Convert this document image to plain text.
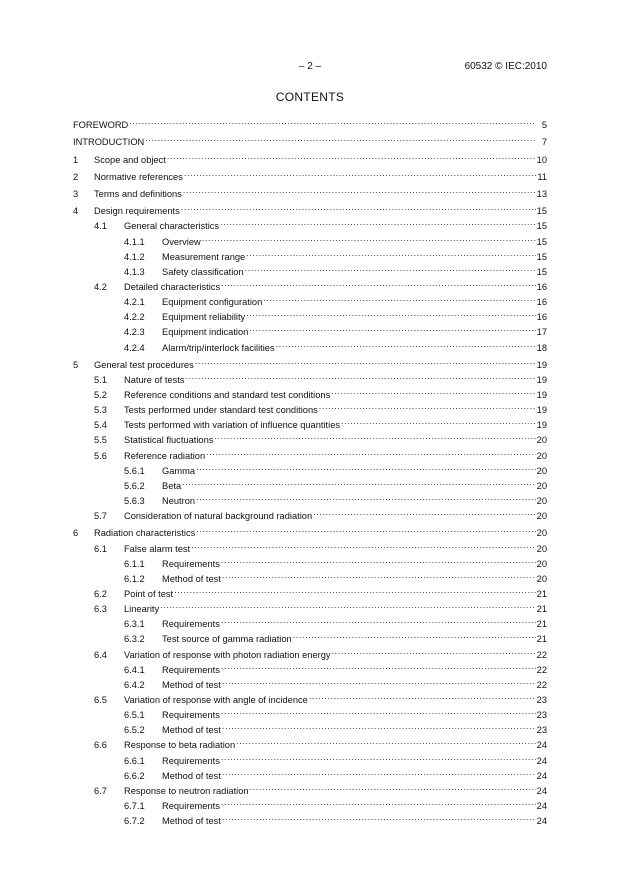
– 2 –	60532 © IEC:2010
CONTENTS
FOREWORD .....	5
INTRODUCTION .....	7
1	Scope and object .....	10
2	Normative references .....	11
3	Terms and definitions .....	13
4	Design requirements .....	15
4.1	General characteristics .....	15
4.1.1	Overview .....	15
4.1.2	Measurement range .....	15
4.1.3	Safety classification .....	15
4.2	Detailed characteristics .....	16
4.2.1	Equipment configuration .....	16
4.2.2	Equipment reliability .....	16
4.2.3	Equipment indication .....	17
4.2.4	Alarm/trip/interlock facilities .....	18
5	General test procedures .....	19
5.1	Nature of tests .....	19
5.2	Reference conditions and standard test conditions .....	19
5.3	Tests performed under standard test conditions .....	19
5.4	Tests performed with variation of influence quantities .....	19
5.5	Statistical fluctuations .....	20
5.6	Reference radiation .....	20
5.6.1	Gamma .....	20
5.6.2	Beta .....	20
5.6.3	Neutron .....	20
5.7	Consideration of natural background radiation .....	20
6	Radiation characteristics .....	20
6.1	False alarm test .....	20
6.1.1	Requirements .....	20
6.1.2	Method of test .....	20
6.2	Point of test .....	21
6.3	Linearity .....	21
6.3.1	Requirements .....	21
6.3.2	Test source of gamma radiation .....	21
6.4	Variation of response with photon radiation energy .....	22
6.4.1	Requirements .....	22
6.4.2	Method of test .....	22
6.5	Variation of response with angle of incidence .....	23
6.5.1	Requirements .....	23
6.5.2	Method of test .....	23
6.6	Response to beta radiation .....	24
6.6.1	Requirements .....	24
6.6.2	Method of test .....	24
6.7	Response to neutron radiation .....	24
6.7.1	Requirements .....	24
6.7.2	Method of test .....	24
